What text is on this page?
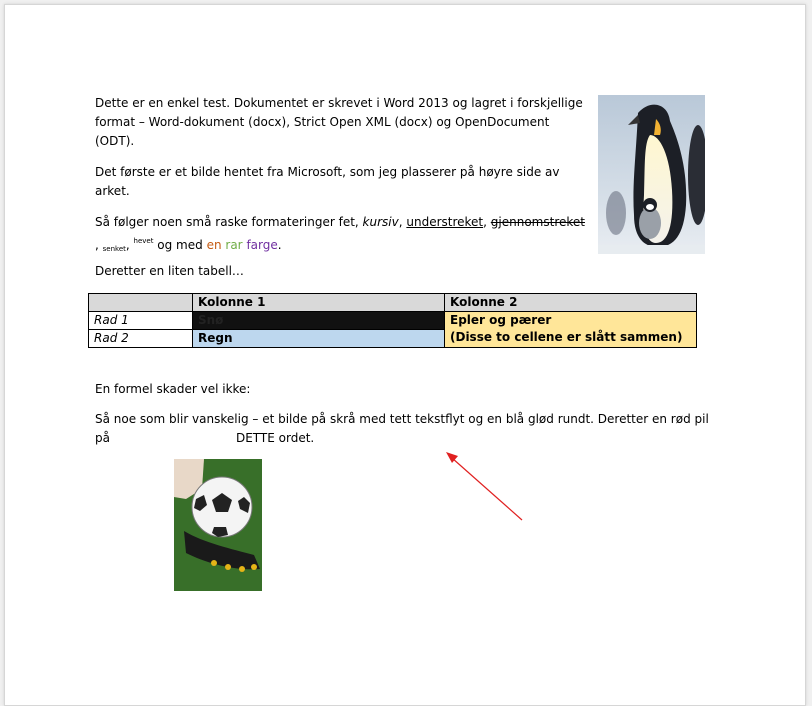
Dette er en enkel test. Dokumentet er skrevet i Word 2013 og lagret i forskjellige format – Word-dokument (docx), Strict Open XML (docx) og OpenDocument (ODT).
Det første er et bilde hentet fra Microsoft, som jeg plasserer på høyre side av arket.
Så følger noen små raske formateringer fet, kursiv, understreket, gjennomstreket
, $_{senket}$, $^{hevet}$ og med en rar farge.
Deretter en liten tabell…
	Kolonne 1	Kolonne 2
Rad 1	Snø	Epler og pærer
(Disse to cellene er slått sammen)
Rad 2	Regn	
En formel skader vel ikke:
Så noe som blir vanskelig – et bilde på skrå med tett tekstflyt og en blå glød rundt. Deretter en rød pil på	DETTE ordet.
